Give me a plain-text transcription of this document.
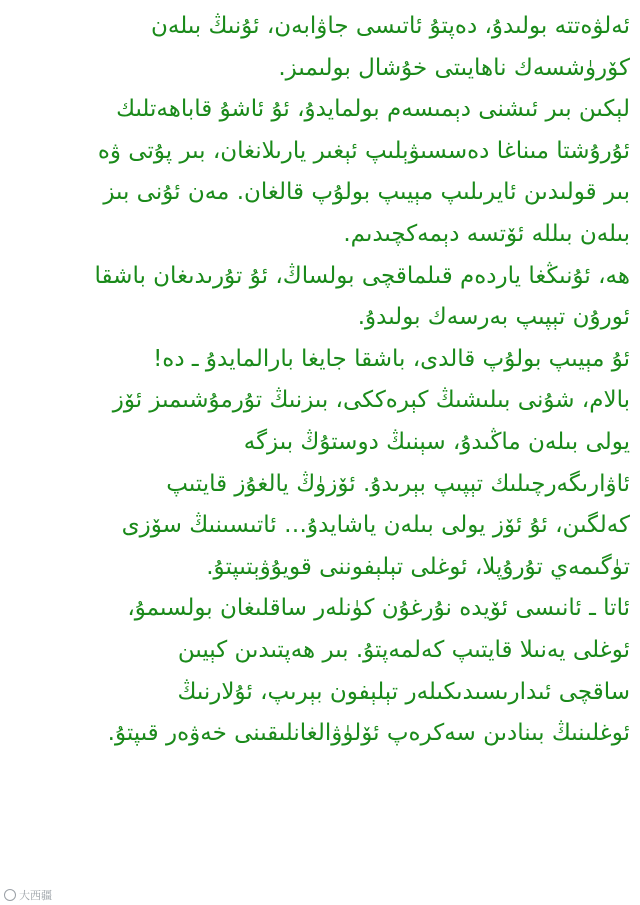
ئەلۋەتتە بولىدۇ، دەپتۇ ئاتىسى جاۋابەن، ئۇنىڭ بىلەن
كۆرۈشسەك ناھايىتى خۇشال بولىمىز.
لېكىن بىر ئىشنى دېمىسەم بولمايدۇ، ئۇ ئاشۇ قاباھەتلىك
ئۇرۇشتا مىناغا دەسسىۋېلىپ ئېغىر يارىلانغان، بىر پۇتى ۋە
بىر قولىدىن ئايرىلىپ مېيىپ بولۇپ قالغان. مەن ئۇنى بىز
بىلەن بىللە ئۆتسە دېمەكچىدىم.
ھە، ئۇنىڭغا ياردەم قىلماقچى بولساڭ، ئۇ تۇرىدىغان باشقا
ئورۇن تېپىپ بەرسەك بولىدۇ.
ئۇ مېيىپ بولۇپ قالدى، باشقا جايغا بارالمايدۇ ـ دە!
بالام، شۇنى بىلىشىڭ كېرەككى، بىزنىڭ تۇرمۇشىمىز ئۆز
يولى بىلەن ماڭىدۇ، سېنىڭ دوستۇڭ بىزگە
ئاۋارىگەرچىلىك تېپىپ بېرىدۇ. ئۆزۈڭ يالغۇز قايتىپ
كەلگىن، ئۇ ئۆز يولى بىلەن ياشايدۇ… ئاتىسىنىڭ سۆزى
تۈگىمەي تۇرۇپلا، ئوغلى تېلېفوننى قويۇۋېتىپتۇ.
ئاتا ـ ئانىسى ئۆيدە نۇرغۇن كۈنلەر ساقلىغان بولسىمۇ،
ئوغلى يەنىلا قايتىپ كەلمەپتۇ. بىر ھەپتىدىن كېيىن
ساقچى ئىدارىسىدىكىلەر تېلېفون بېرىپ، ئۇلارنىڭ
ئوغلىنىڭ بىنادىن سەكرەپ ئۆلۈۋالغانلىقىنى خەۋەر قىپتۇ.
大西疆
